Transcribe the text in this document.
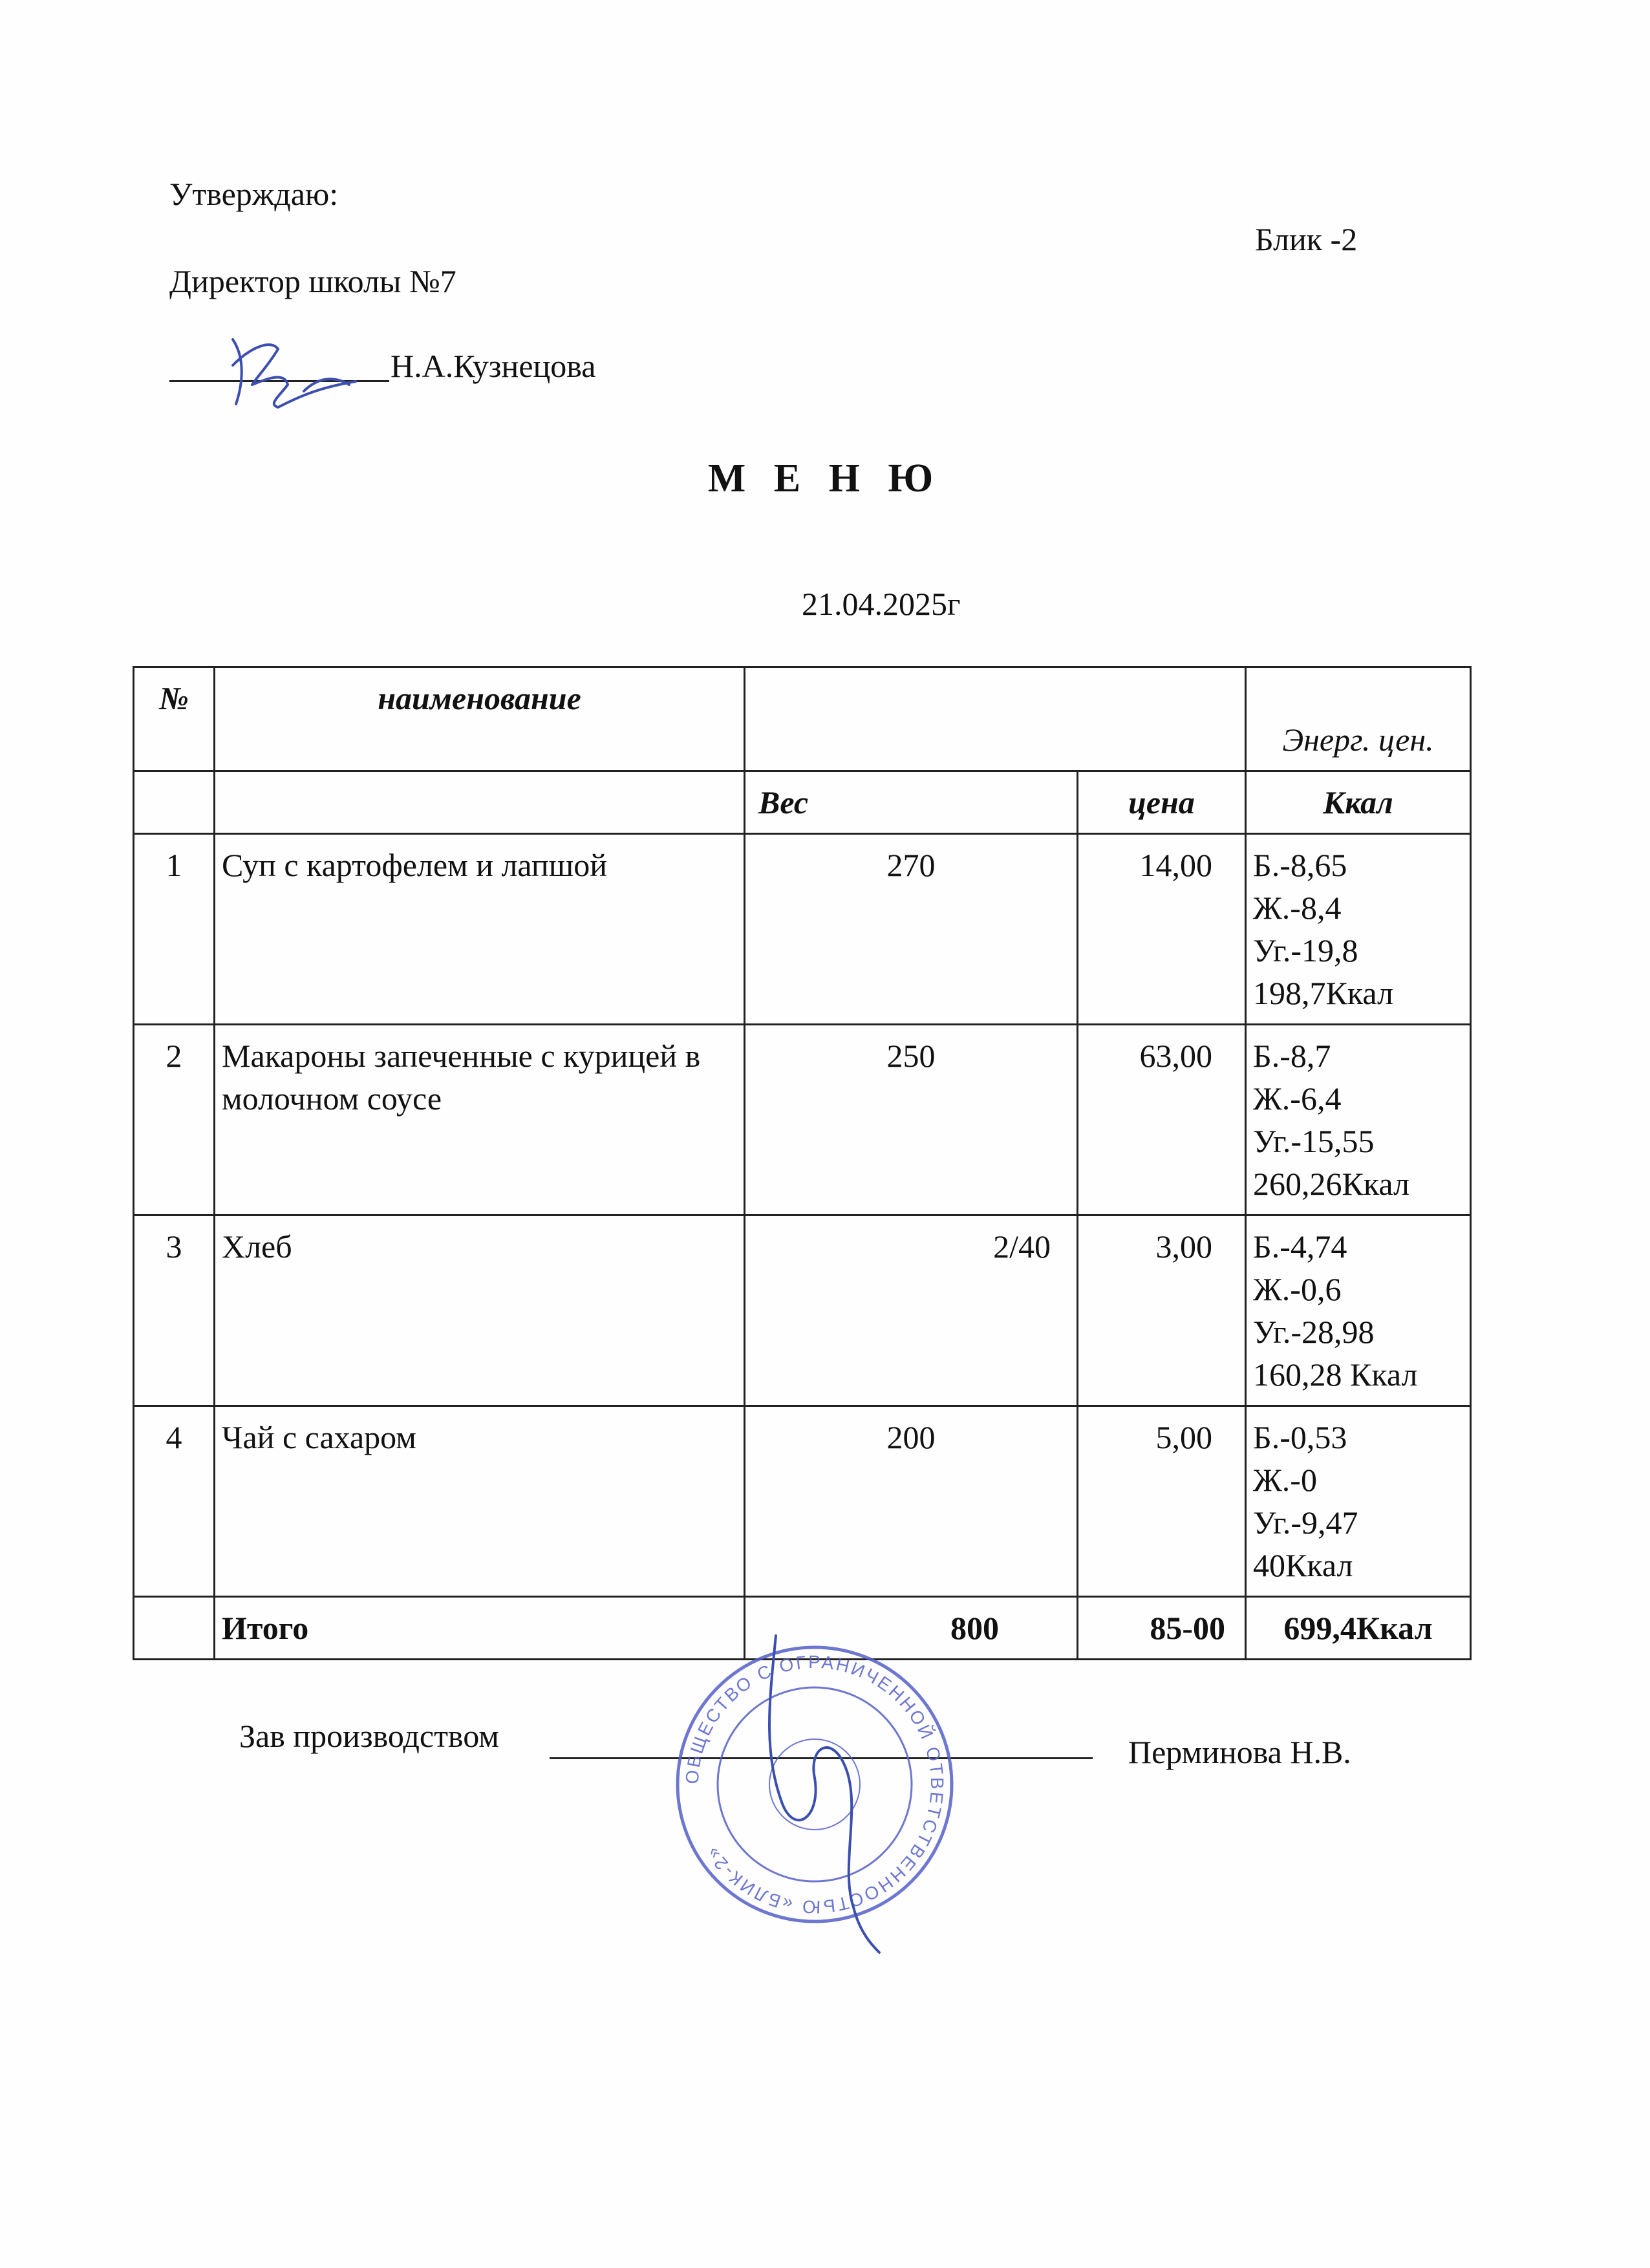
Утверждаю:
Блик -2
Директор школы №7
Н.А.Кузнецова
М Е Н Ю
21.04.2025г
№	наименование			Энерг. цен.
		Вес	цена	Ккал
1	Суп с картофелем и лапшой	270	14,00	Б.-8,65
Ж.-8,4
Уг.-19,8
198,7Ккал

2	Макароны запеченные с курицей в молочном соусе	250	63,00	Б.-8,7
Ж.-6,4
Уг.-15,55
260,26Ккал

3	Хлеб	2/40	3,00	Б.-4,74
Ж.-0,6
Уг.-28,98
160,28 Ккал

4	Чай с сахаром	200	5,00	Б.-0,53
Ж.-0
Уг.-9,47
40Ккал

	Итого	800	85-00	699,4Ккал
Зав производством	Перминова Н.В.
ОБЩЕСТВО С ОГРАНИЧЕННОЙ ОТВЕТСТВЕННОСТЬЮ «БЛИК-2»
